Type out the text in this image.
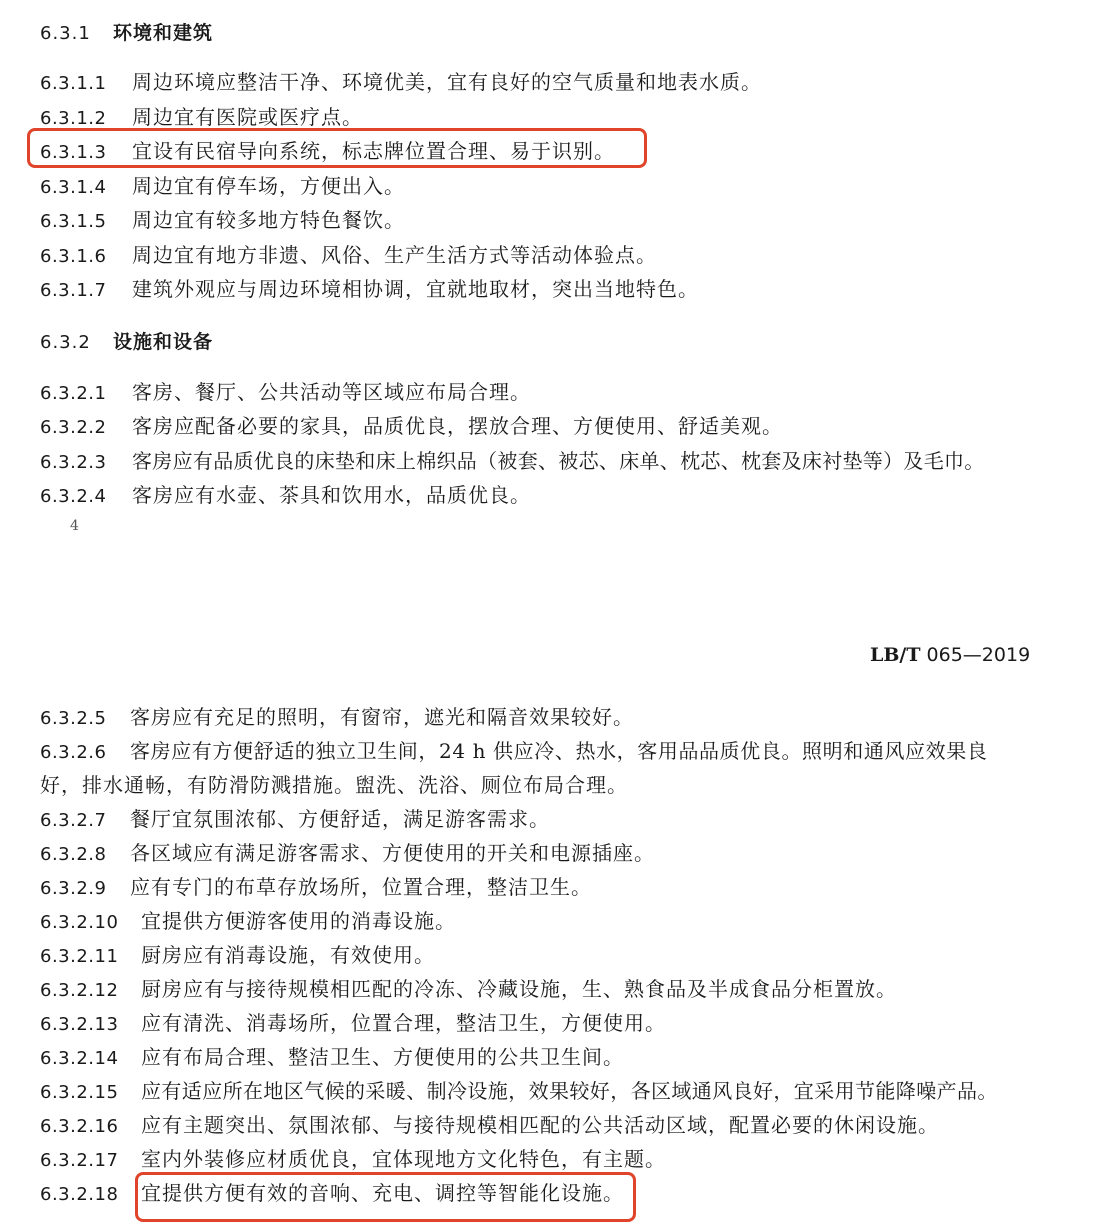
6.3.1 环境和建筑
6.3.1.1 周边环境应整洁干净、环境优美，宜有良好的空气质量和地表水质。
6.3.1.2 周边宜有医院或医疗点。
6.3.1.3 宜设有民宿导向系统，标志牌位置合理、易于识别。
6.3.1.4 周边宜有停车场，方便出入。
6.3.1.5 周边宜有较多地方特色餐饮。
6.3.1.6 周边宜有地方非遗、风俗、生产生活方式等活动体验点。
6.3.1.7 建筑外观应与周边环境相协调，宜就地取材，突出当地特色。
6.3.2 设施和设备
6.3.2.1 客房、餐厅、公共活动等区域应布局合理。
6.3.2.2 客房应配备必要的家具，品质优良，摆放合理、方便使用、舒适美观。
6.3.2.3 客房应有品质优良的床垫和床上棉织品（被套、被芯、床单、枕芯、枕套及床衬垫等）及毛巾。
6.3.2.4 客房应有水壶、茶具和饮用水，品质优良。
4
LB/T 065—2019
6.3.2.5 客房应有充足的照明，有窗帘，遮光和隔音效果较好。
6.3.2.6 客房应有方便舒适的独立卫生间，24 h 供应冷、热水，客用品品质优良。照明和通风应效果良
好，排水通畅，有防滑防溅措施。盥洗、洗浴、厕位布局合理。
6.3.2.7 餐厅宜氛围浓郁、方便舒适，满足游客需求。
6.3.2.8 各区域应有满足游客需求、方便使用的开关和电源插座。
6.3.2.9 应有专门的布草存放场所，位置合理，整洁卫生。
6.3.2.10 宜提供方便游客使用的消毒设施。
6.3.2.11 厨房应有消毒设施，有效使用。
6.3.2.12 厨房应有与接待规模相匹配的冷冻、冷藏设施，生、熟食品及半成食品分柜置放。
6.3.2.13 应有清洗、消毒场所，位置合理，整洁卫生，方便使用。
6.3.2.14 应有布局合理、整洁卫生、方便使用的公共卫生间。
6.3.2.15 应有适应所在地区气候的采暖、制冷设施，效果较好，各区域通风良好，宜采用节能降噪产品。
6.3.2.16 应有主题突出、氛围浓郁、与接待规模相匹配的公共活动区域，配置必要的休闲设施。
6.3.2.17 室内外装修应材质优良，宜体现地方文化特色，有主题。
6.3.2.18 宜提供方便有效的音响、充电、调控等智能化设施。
